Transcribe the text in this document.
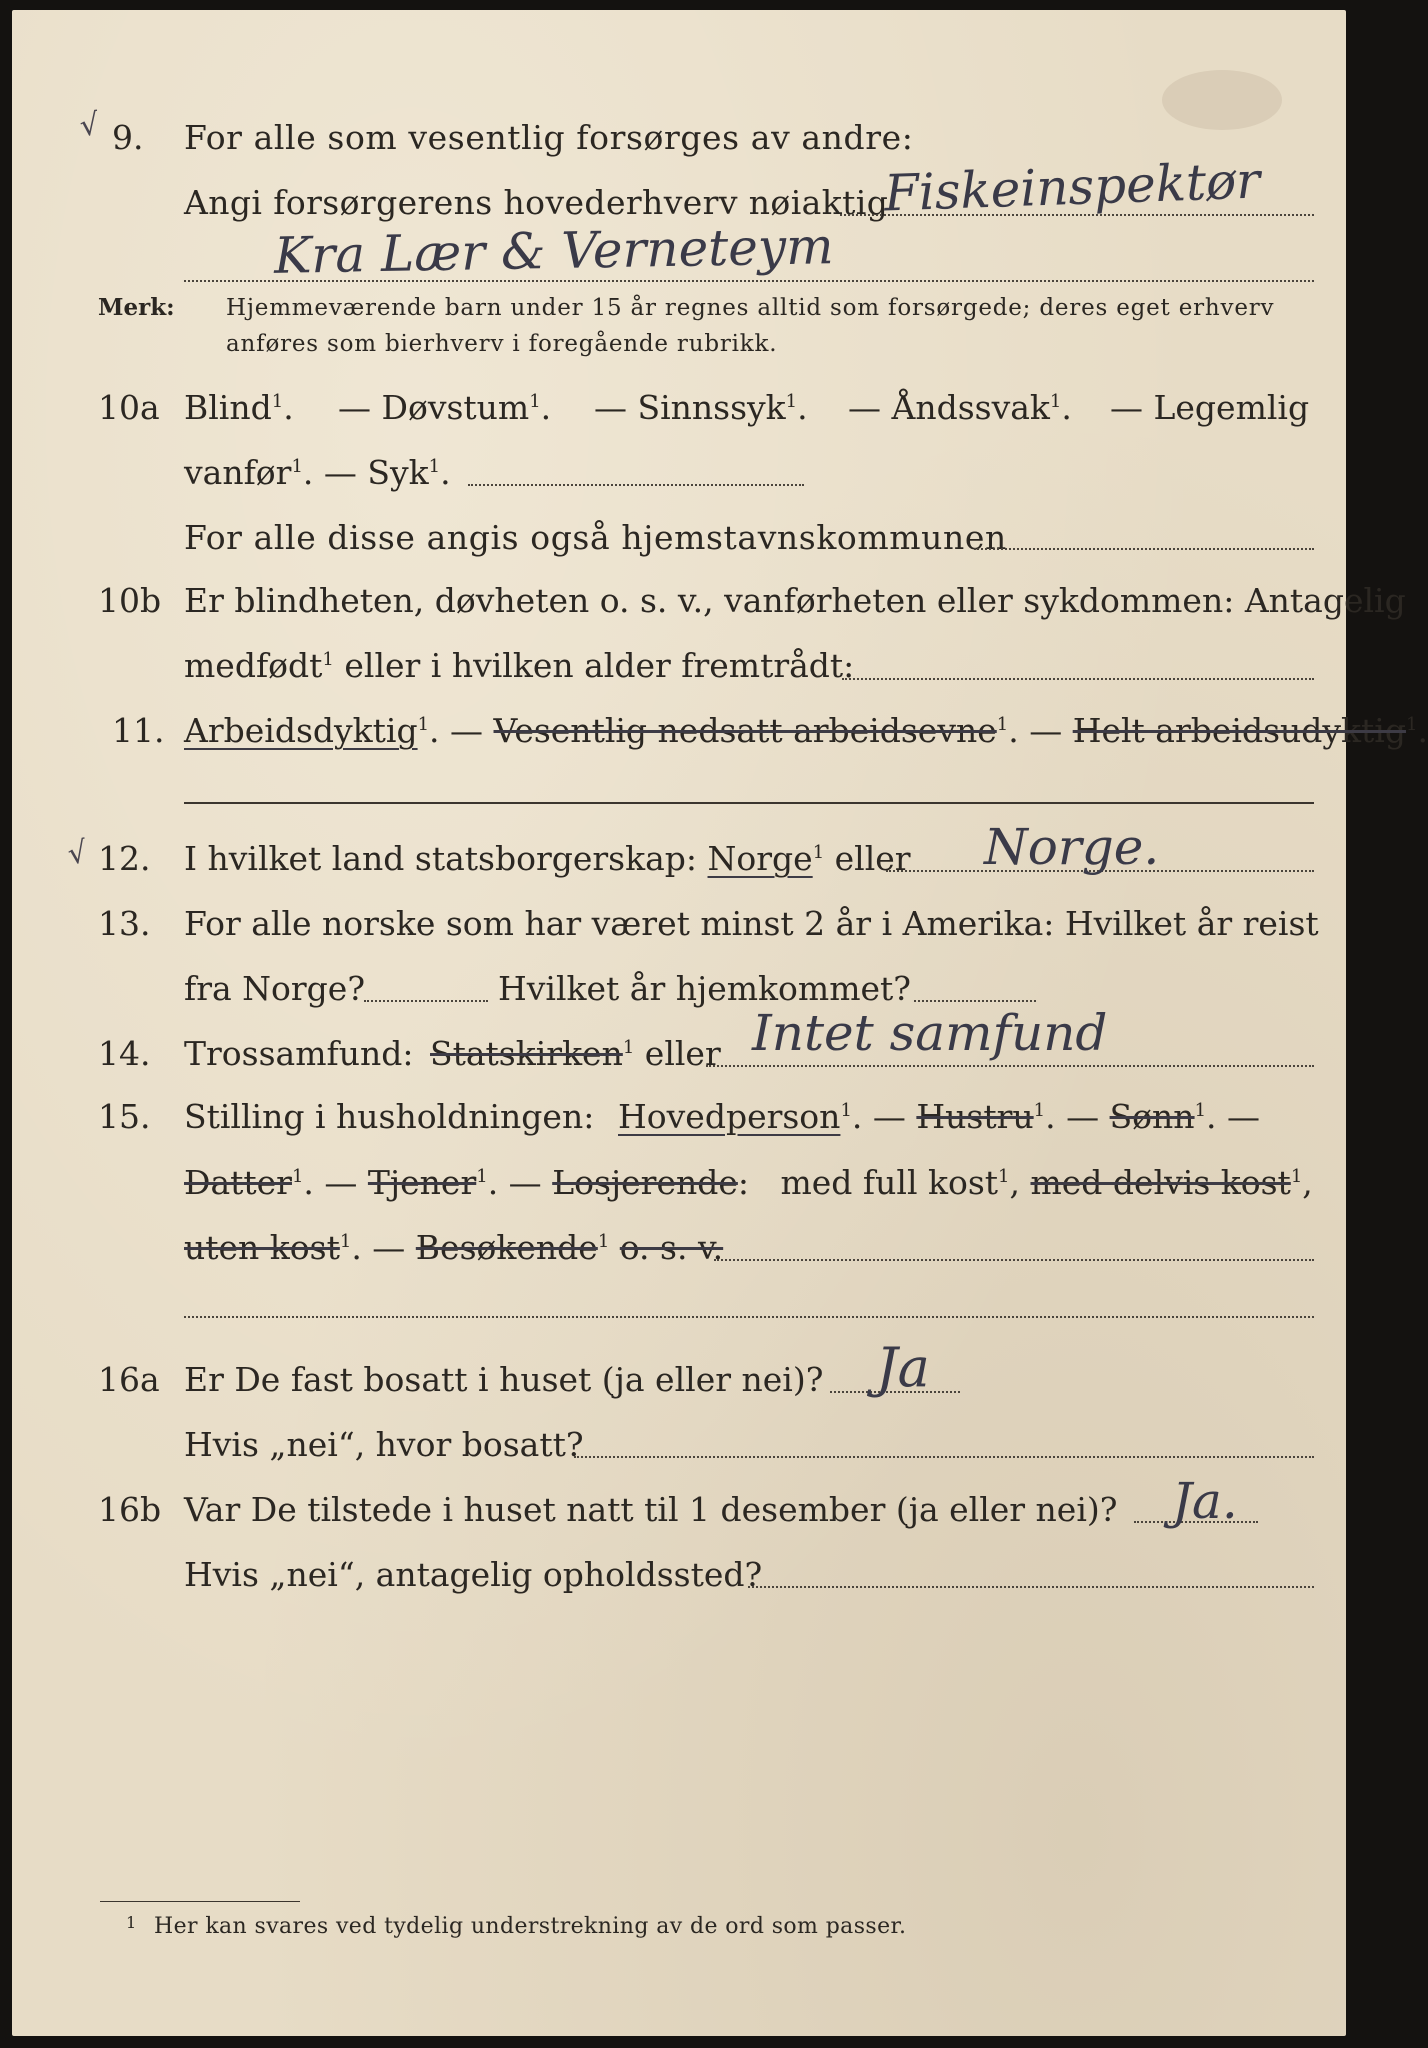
√ 9. For alle som vesentlig forsørges av andre:
Angi forsørgerens hovederhverv nøiaktig
Fiskeinspektør
Kra Lær & Verneteym
Merk: Hjemmeværende barn under 15 år regnes alltid som forsørgede; deres eget erhverv
anføres som bierhverv i foregående rubrikk.
10a Blind$^1$. — Døvstum$^1$. — Sinnssyk$^1$. — Åndssvak$^1$. — Legemlig
vanfør$^1$. — Syk$^1$.
For alle disse angis også hjemstavnskommunen
10b Er blindheten, døvheten o. s. v., vanførheten eller sykdommen: Antagelig
medfødt$^1$ eller i hvilken alder fremtrådt:
11. Arbeidsdyktig$^1$. — Vesentlig nedsatt arbeidsevne$^1$. — Helt arbeidsudyktig$^1$.
√ 12. I hvilket land statsborgerskap: Norge$^1$ eller Norge.
13. For alle norske som har været minst 2 år i Amerika: Hvilket år reist
fra Norge?	Hvilket år hjemkommet?
14. Trossamfund: Statskirken$^1$ eller Intet samfund
15. Stilling i husholdningen: Hovedperson$^1$. — Hustru$^1$. — Sønn$^1$. —
Datter$^1$. — Tjener$^1$. — Losjerende:   med full kost$^1$, med delvis kost$^1$,
uten kost$^1$. — Besøkende$^1$ o. s. v.
16a Er De fast bosatt i huset (ja eller nei)? Ja
Hvis „nei“, hvor bosatt?
16b Var De tilstede i huset natt til 1 desember (ja eller nei)? Ja.
Hvis „nei“, antagelig opholdssted?
1 Her kan svares ved tydelig understrekning av de ord som passer.
